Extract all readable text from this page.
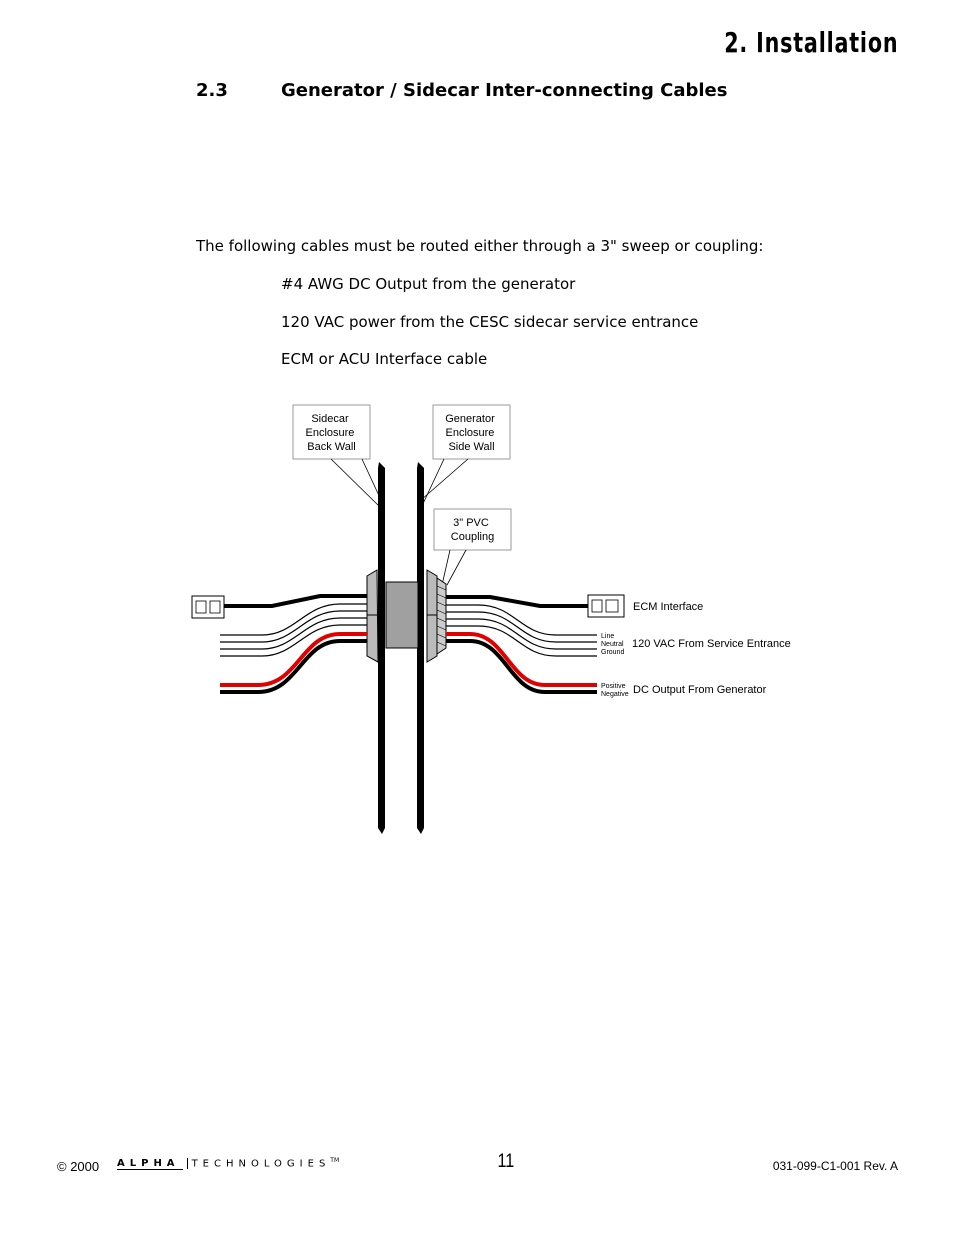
2. Installation
2.3	Generator / Sidecar Inter-connecting Cables
The following cables must be routed either through a 3" sweep or coupling:
#4 AWG DC Output from the generator
120 VAC power from the CESC sidecar service entrance
ECM or ACU Interface cable
Sidecar Enclosure Back Wall
Generator Enclosure Side Wall
3" PVC Coupling
ECM Interface
120 VAC From Service Entrance
DC Output From Generator
Line
Neutral
Ground
Positive
Negative
© 2000 ALPHA TECHNOLOGIES™	11	031-099-C1-001 Rev. A
